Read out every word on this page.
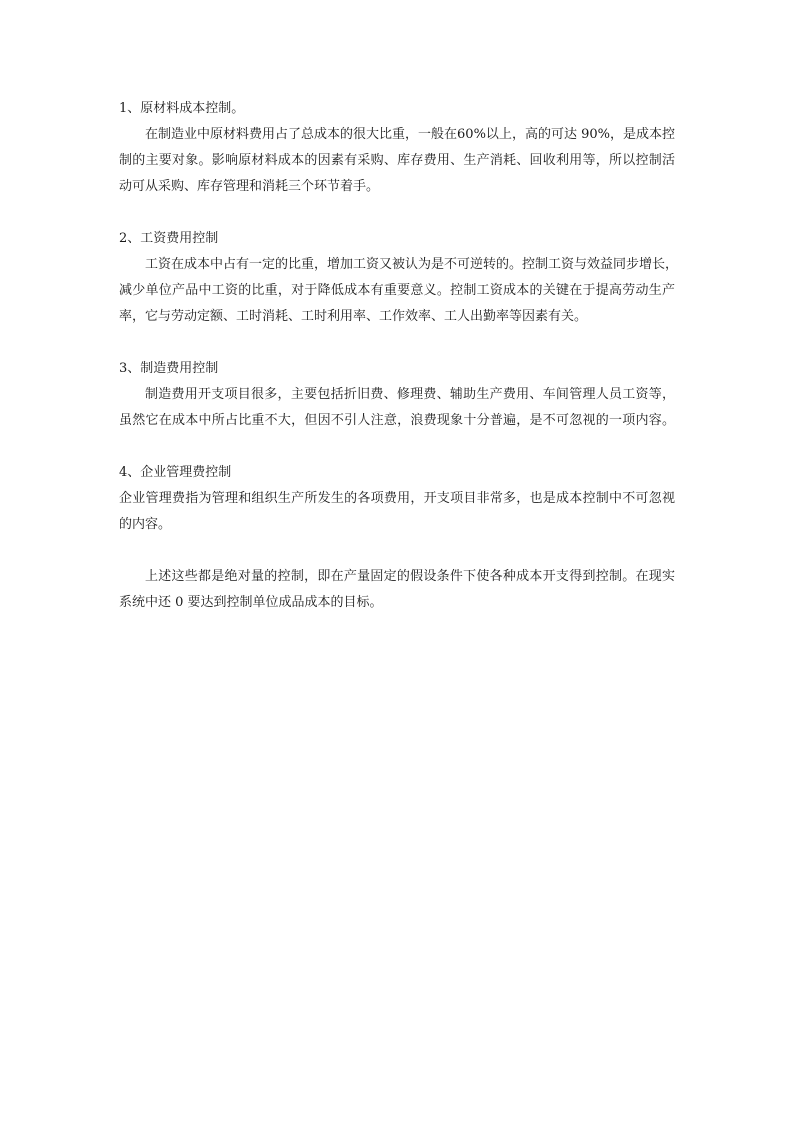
1、原材料成本控制。
在制造业中原材料费用占了总成本的很大比重，一般在60%以上，高的可达 90%，是成本控
制的主要对象。影响原材料成本的因素有采购、库存费用、生产消耗、回收利用等，所以控制活
动可从采购、库存管理和消耗三个环节着手。
2、工资费用控制
工资在成本中占有一定的比重，增加工资又被认为是不可逆转的。控制工资与效益同步增长，
减少单位产品中工资的比重，对于降低成本有重要意义。控制工资成本的关键在于提高劳动生产
率，它与劳动定额、工时消耗、工时利用率、工作效率、工人出勤率等因素有关。
3、制造费用控制
制造费用开支项目很多，主要包括折旧费、修理费、辅助生产费用、车间管理人员工资等，
虽然它在成本中所占比重不大，但因不引人注意，浪费现象十分普遍，是不可忽视的一项内容。
4、企业管理费控制
企业管理费指为管理和组织生产所发生的各项费用，开支项目非常多，也是成本控制中不可忽视
的内容。
上述这些都是绝对量的控制，即在产量固定的假设条件下使各种成本开支得到控制。在现实
系统中还 0 要达到控制单位成品成本的目标。
